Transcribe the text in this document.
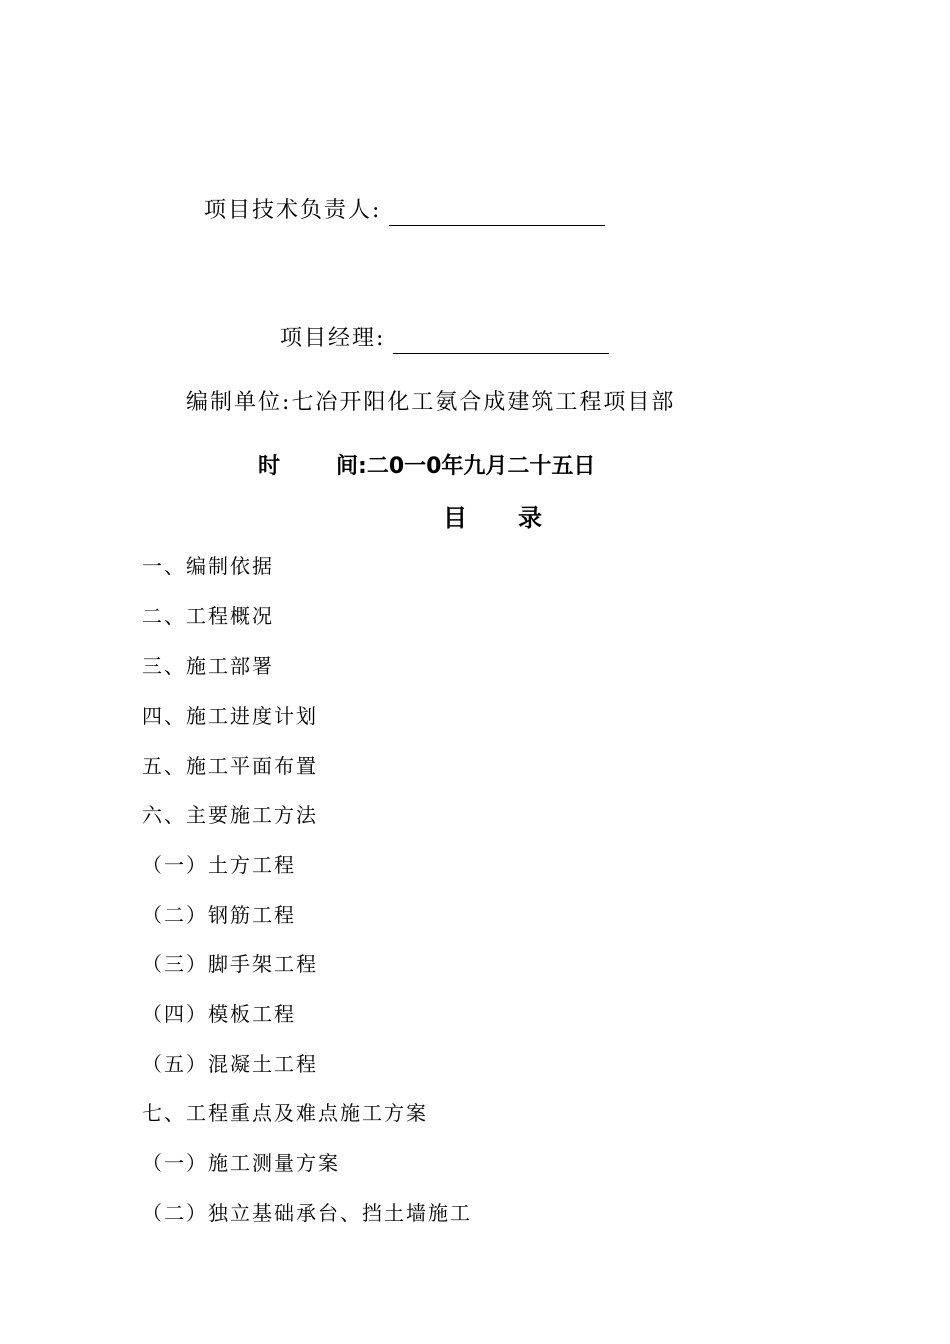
项目技术负责人:
项目经理:
编制单位:七冶开阳化工氨合成建筑工程项目部
时	间:二0一0年九月二十五日
目 录
一、编制依据
二、工程概况
三、施工部署
四、施工进度计划
五、施工平面布置
六、主要施工方法
（一）土方工程
（二）钢筋工程
（三）脚手架工程
（四）模板工程
（五）混凝土工程
七、工程重点及难点施工方案
（一）施工测量方案
（二）独立基础承台、挡土墙施工
